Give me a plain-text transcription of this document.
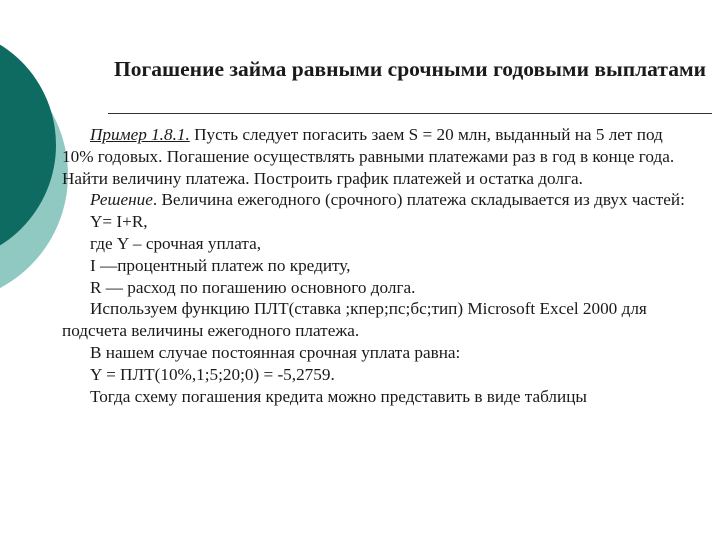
Погашение займа равными срочными годовыми выплатами

Пример 1.8.1. Пусть следует погасить заем S = 20 млн, выданный на 5 лет под 10% годовых. Погашение осуществлять равными платежами раз в год в конце года. Найти величину платежа. Построить график платежей и остатка долга.

Решение. Величина ежегодного (срочного) платежа складывается из двух частей:

Y= I+R,

где Y – срочная уплата,

I —процентный платеж по кредиту,

R — расход по погашению основного долга.

Используем функцию ПЛТ(ставка ;кпер;пс;бс;тип) Microsoft Excel 2000 для подсчета величины ежегодного платежа.

В нашем случае постоянная срочная уплата равна:

Y = ПЛТ(10%,1;5;20;0) = -5,2759.

Тогда схему погашения кредита можно представить в виде таблицы
